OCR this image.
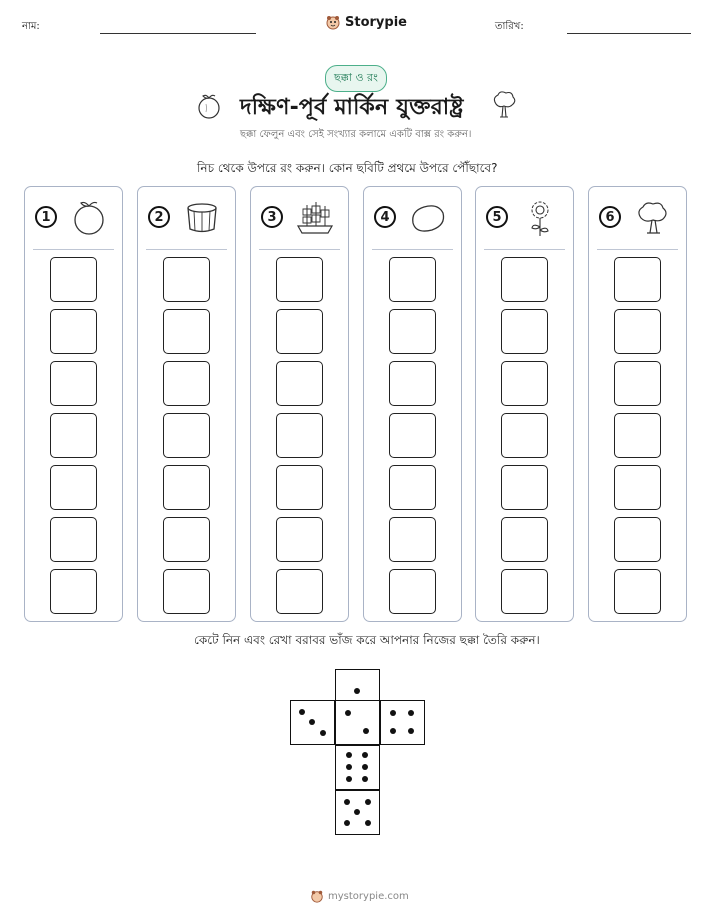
নাম:	Storypie	তারিখ:
ছক্কা ও রং
দক্ষিণ-পূর্ব মার্কিন যুক্তরাষ্ট্র
ছক্কা ফেলুন এবং সেই সংখ্যার কলামে একটি বাক্স রং করুন।
নিচ থেকে উপরে রং করুন। কোন ছবিটি প্রথমে উপরে পৌঁছাবে?
1	2	3	4	5	6
কেটে নিন এবং রেখা বরাবর ভাঁজ করে আপনার নিজের ছক্কা তৈরি করুন।
mystorypie.com
